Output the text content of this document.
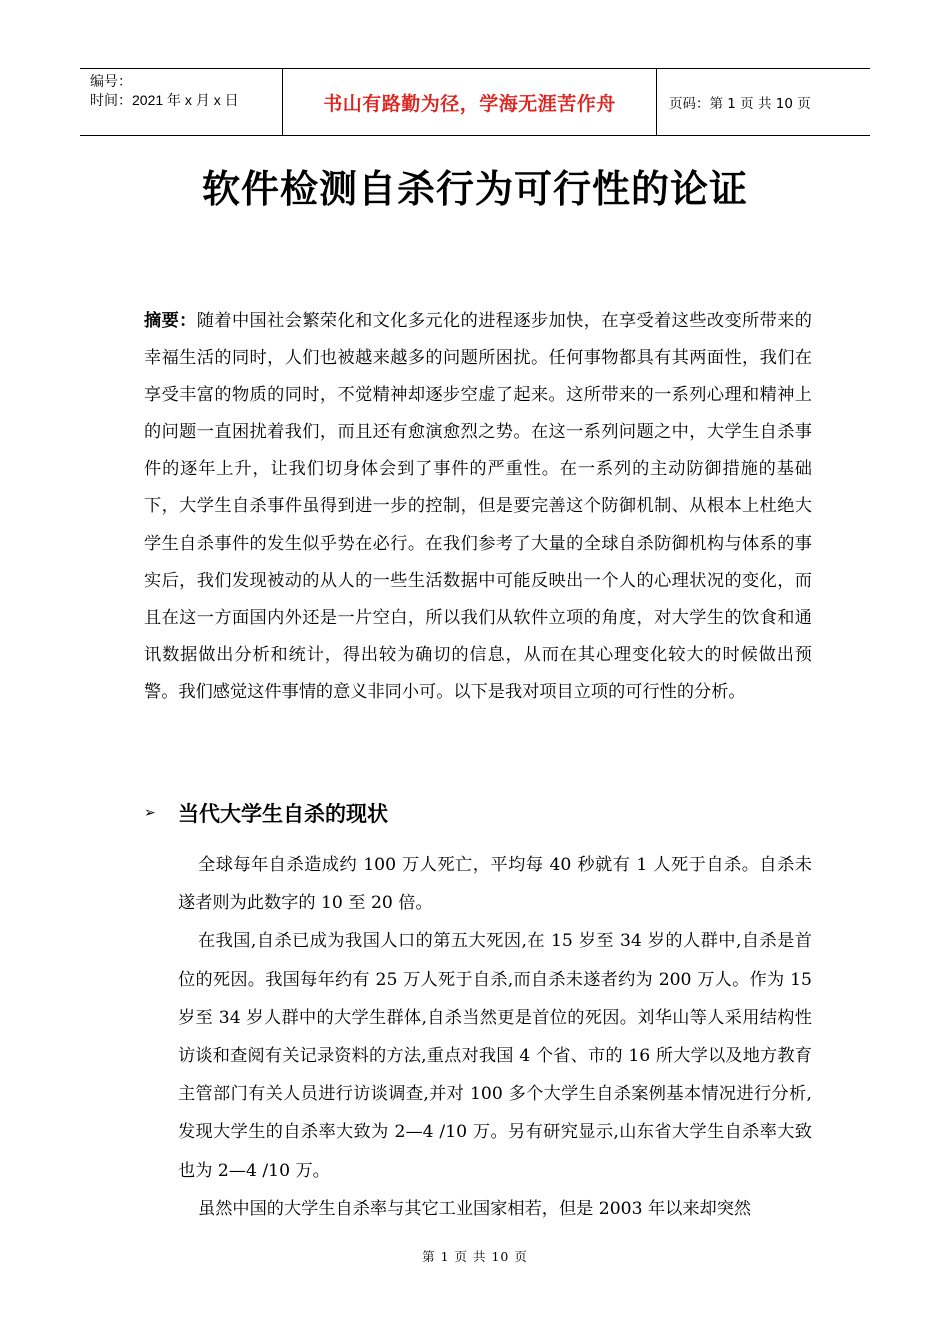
编号：
时间：2021 年 x 月 x 日	书山有路勤为径，学海无涯苦作舟	页码：第 1 页 共 10 页
软件检测自杀行为可行性的论证
摘要：随着中国社会繁荣化和文化多元化的进程逐步加快，在享受着这些改变所带来的幸福生活的同时，人们也被越来越多的问题所困扰。任何事物都具有其两面性，我们在享受丰富的物质的同时，不觉精神却逐步空虚了起来。这所带来的一系列心理和精神上的问题一直困扰着我们，而且还有愈演愈烈之势。在这一系列问题之中，大学生自杀事件的逐年上升，让我们切身体会到了事件的严重性。在一系列的主动防御措施的基础下，大学生自杀事件虽得到进一步的控制，但是要完善这个防御机制、从根本上杜绝大学生自杀事件的发生似乎势在必行。在我们参考了大量的全球自杀防御机构与体系的事实后，我们发现被动的从人的一些生活数据中可能反映出一个人的心理状况的变化，而且在这一方面国内外还是一片空白，所以我们从软件立项的角度，对大学生的饮食和通讯数据做出分析和统计，得出较为确切的信息，从而在其心理变化较大的时候做出预警。我们感觉这件事情的意义非同小可。以下是我对项目立项的可行性的分析。
➢	当代大学生自杀的现状

全球每年自杀造成约 100 万人死亡，平均每 40 秒就有 1 人死于自杀。自杀未遂者则为此数字的 10 至 20 倍。

在我国,自杀已成为我国人口的第五大死因,在 15 岁至 34 岁的人群中,自杀是首位的死因。我国每年约有 25 万人死于自杀,而自杀未遂者约为 200 万人。作为 15 岁至 34 岁人群中的大学生群体,自杀当然更是首位的死因。刘华山等人采用结构性访谈和查阅有关记录资料的方法,重点对我国 4 个省、市的 16 所大学以及地方教育主管部门有关人员进行访谈调查,并对 100 多个大学生自杀案例基本情况进行分析,发现大学生的自杀率大致为 2—4 /10 万。另有研究显示,山东省大学生自杀率大致也为 2—4 /10 万。

虽然中国的大学生自杀率与其它工业国家相若，但是 2003 年以来却突然

第 1 页 共 10 页
